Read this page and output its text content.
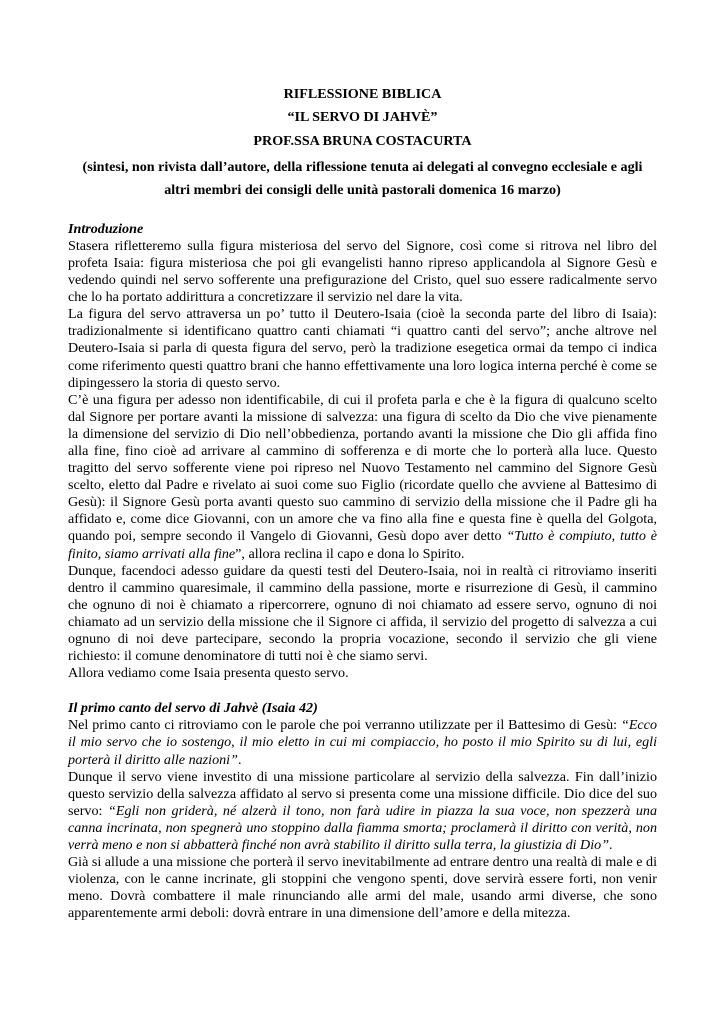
RIFLESSIONE BIBLICA

“IL SERVO DI JAHVÈ”

PROF.SSA BRUNA COSTACURTA

(sintesi, non rivista dall’autore, della riflessione tenuta ai delegati al convegno ecclesiale e agli altri membri dei consigli delle unità pastorali domenica 16 marzo)

Introduzione

Stasera rifletteremo sulla figura misteriosa del servo del Signore, così come si ritrova nel libro del profeta Isaia: figura misteriosa che poi gli evangelisti hanno ripreso applicandola al Signore Gesù e vedendo quindi nel servo sofferente una prefigurazione del Cristo, quel suo essere radicalmente servo che lo ha portato addirittura a concretizzare il servizio nel dare la vita.

La figura del servo attraversa un po’ tutto il Deutero-Isaia (cioè la seconda parte del libro di Isaia): tradizionalmente si identificano quattro canti chiamati “i quattro canti del servo”; anche altrove nel Deutero-Isaia si parla di questa figura del servo, però la tradizione esegetica ormai da tempo ci indica come riferimento questi quattro brani che hanno effettivamente una loro logica interna perché è come se dipingessero la storia di questo servo.

C’è una figura per adesso non identificabile, di cui il profeta parla e che è la figura di qualcuno scelto dal Signore per portare avanti la missione di salvezza: una figura di scelto da Dio che vive pienamente la dimensione del servizio di Dio nell’obbedienza, portando avanti la missione che Dio gli affida fino alla fine, fino cioè ad arrivare al cammino di sofferenza e di morte che lo porterà alla luce. Questo tragitto del servo sofferente viene poi ripreso nel Nuovo Testamento nel cammino del Signore Gesù scelto, eletto dal Padre e rivelato ai suoi come suo Figlio (ricordate quello che avviene al Battesimo di Gesù): il Signore Gesù porta avanti questo suo cammino di servizio della missione che il Padre gli ha affidato e, come dice Giovanni, con un amore che va fino alla fine e questa fine è quella del Golgota, quando poi, sempre secondo il Vangelo di Giovanni, Gesù dopo aver detto “Tutto è compiuto, tutto è finito, siamo arrivati alla fine”, allora reclina il capo e dona lo Spirito.

Dunque, facendoci adesso guidare da questi testi del Deutero-Isaia, noi in realtà ci ritroviamo inseriti dentro il cammino quaresimale, il cammino della passione, morte e risurrezione di Gesù, il cammino che ognuno di noi è chiamato a ripercorrere, ognuno di noi chiamato ad essere servo, ognuno di noi chiamato ad un servizio della missione che il Signore ci affida, il servizio del progetto di salvezza a cui ognuno di noi deve partecipare, secondo la propria vocazione, secondo il servizio che gli viene richiesto: il comune denominatore di tutti noi è che siamo servi.

Allora vediamo come Isaia presenta questo servo.

Il primo canto del servo di Jahvè (Isaia 42)

Nel primo canto ci ritroviamo con le parole che poi verranno utilizzate per il Battesimo di Gesù: “Ecco il mio servo che io sostengo, il mio eletto in cui mi compiaccio, ho posto il mio Spirito su di lui, egli porterà il diritto alle nazioni”.

Dunque il servo viene investito di una missione particolare al servizio della salvezza. Fin dall’inizio questo servizio della salvezza affidato al servo si presenta come una missione difficile. Dio dice del suo servo: “Egli non griderà, né alzerà il tono, non farà udire in piazza la sua voce, non spezzerà una canna incrinata, non spegnerà uno stoppino dalla fiamma smorta; proclamerà il diritto con verità, non verrà meno e non si abbatterà finché non avrà stabilito il diritto sulla terra, la giustizia di Dio”.

Già si allude a una missione che porterà il servo inevitabilmente ad entrare dentro una realtà di male e di violenza, con le canne incrinate, gli stoppini che vengono spenti, dove servirà essere forti, non venir meno. Dovrà combattere il male rinunciando alle armi del male, usando armi diverse, che sono apparentemente armi deboli: dovrà entrare in una dimensione dell’amore e della mitezza.
